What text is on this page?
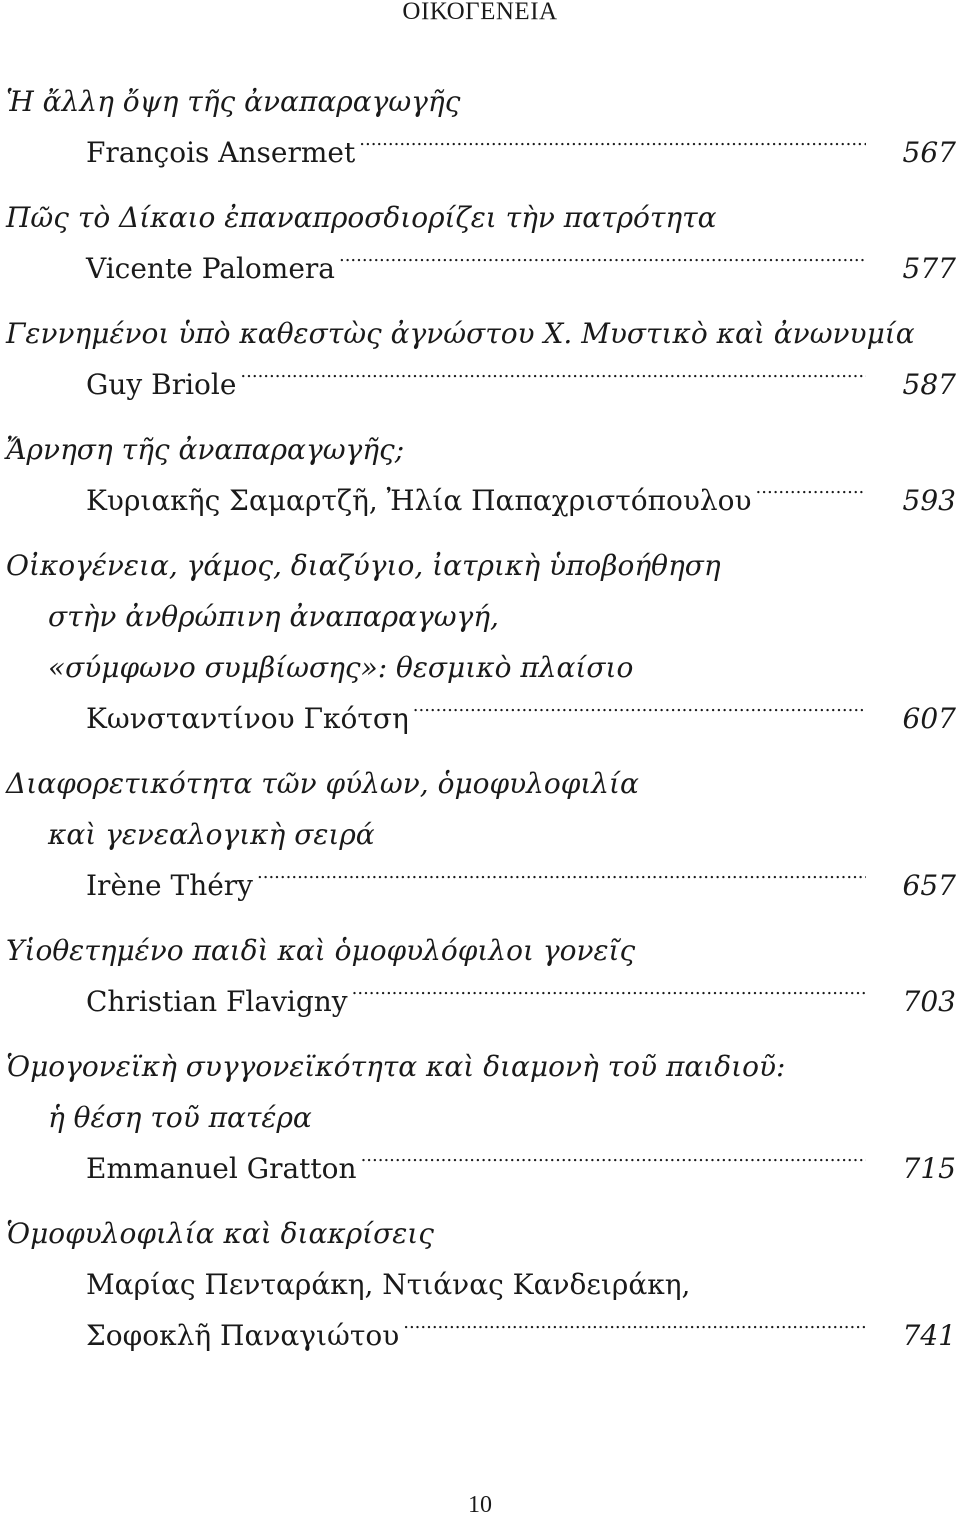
ΟΙΚΟΓΕΝΕΙΑ
Ἡ ἄλλη ὄψη τῆς ἀναπαραγωγῆς
François Ansermet .....	567
Πῶς τὸ Δίκαιο ἐπαναπροσδιορίζει τὴν πατρότητα
Vicente Palomera .....	577
Γεννημένοι ὑπὸ καθεστὼς ἀγνώστου Χ. Μυστικὸ καὶ ἀνωνυμία
Guy Briole .....	587
Ἄρνηση τῆς ἀναπαραγωγῆς;
Κυριακῆς Σαμαρτζῆ, Ἠλία Παπαχριστόπουλου .....	593
Οἰκογένεια, γάμος, διαζύγιο, ἰατρικὴ ὑποβοήθηση
στὴν ἀνθρώπινη ἀναπαραγωγή,
«σύμφωνο συμβίωσης»: θεσμικὸ πλαίσιο
Κωνσταντίνου Γκότση .....	607
Διαφορετικότητα τῶν φύλων, ὁμοφυλοφιλία
καὶ γενεαλογικὴ σειρά
Irène Théry .....	657
Υἱοθετημένο παιδὶ καὶ ὁμοφυλόφιλοι γονεῖς
Christian Flavigny .....	703
Ὁμογονεϊκὴ συγγονεϊκότητα καὶ διαμονὴ τοῦ παιδιοῦ:
ἡ θέση τοῦ πατέρα
Emmanuel Gratton .....	715
Ὁμοφυλοφιλία καὶ διακρίσεις
Μαρίας Πενταράκη, Ντιάνας Κανδειράκη,
Σοφοκλῆ Παναγιώτου .....	741
10
